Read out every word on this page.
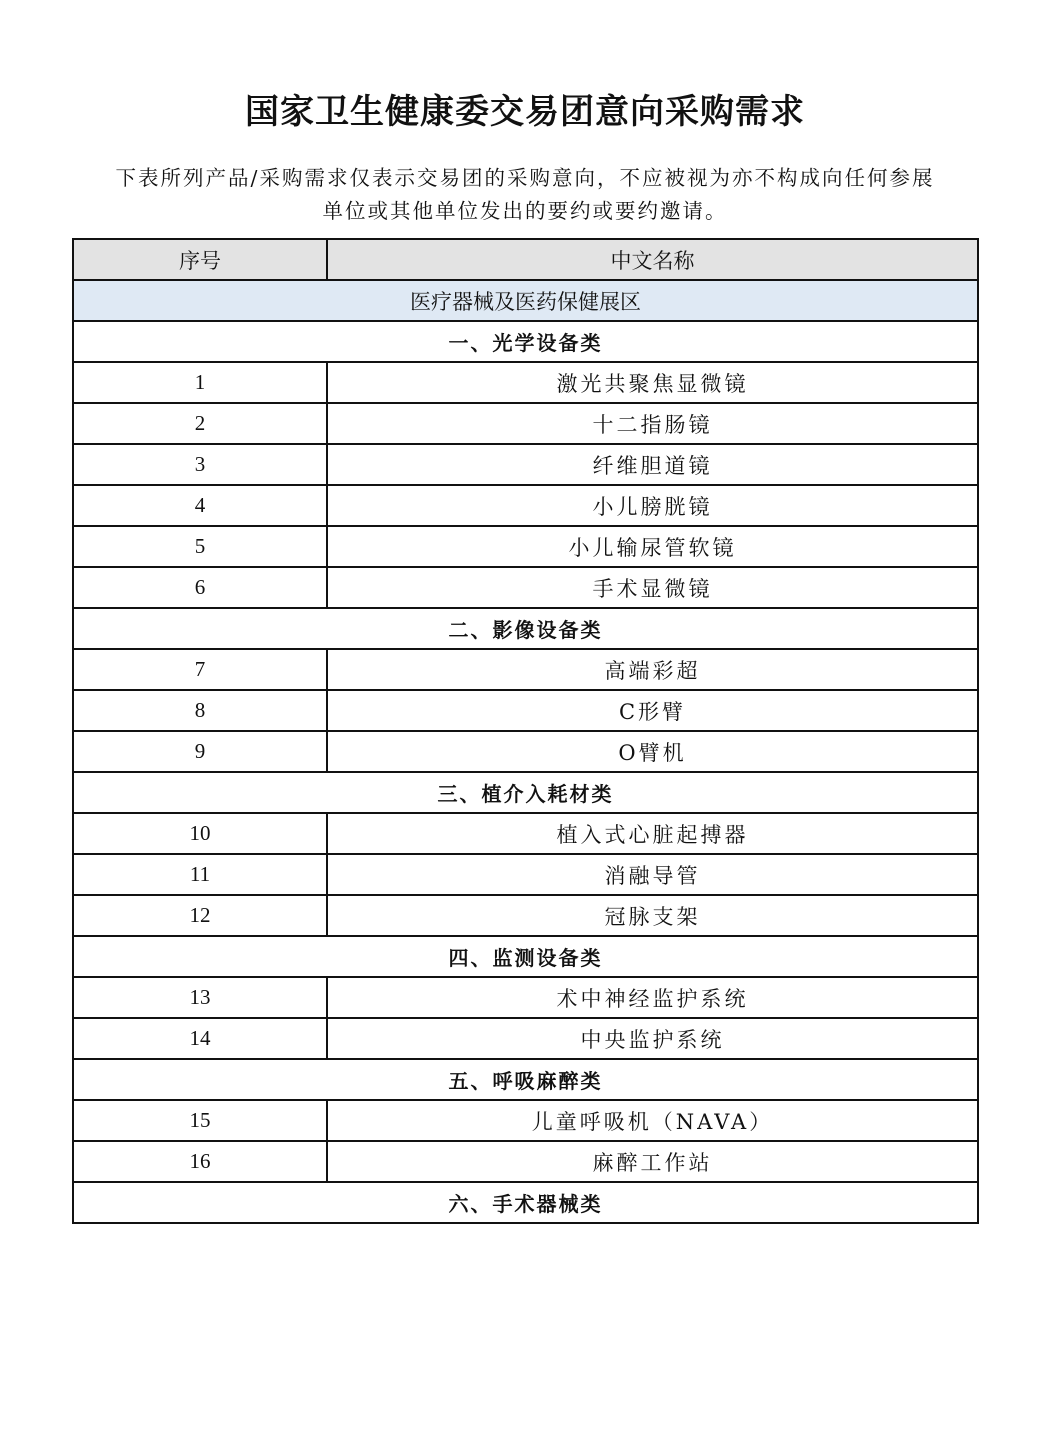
国家卫生健康委交易团意向采购需求
下表所列产品/采购需求仅表示交易团的采购意向，不应被视为亦不构成向任何参展
单位或其他单位发出的要约或要约邀请。
序号	中文名称
医疗器械及医药保健展区	
一、光学设备类	
1	激光共聚焦显微镜
2	十二指肠镜
3	纤维胆道镜
4	小儿膀胱镜
5	小儿输尿管软镜
6	手术显微镜
二、影像设备类	
7	高端彩超
8	C形臂
9	O臂机
三、植介入耗材类	
10	植入式心脏起搏器
11	消融导管
12	冠脉支架
四、监测设备类	
13	术中神经监护系统
14	中央监护系统
五、呼吸麻醉类	
15	儿童呼吸机（NAVA）
16	麻醉工作站
六、手术器械类	
